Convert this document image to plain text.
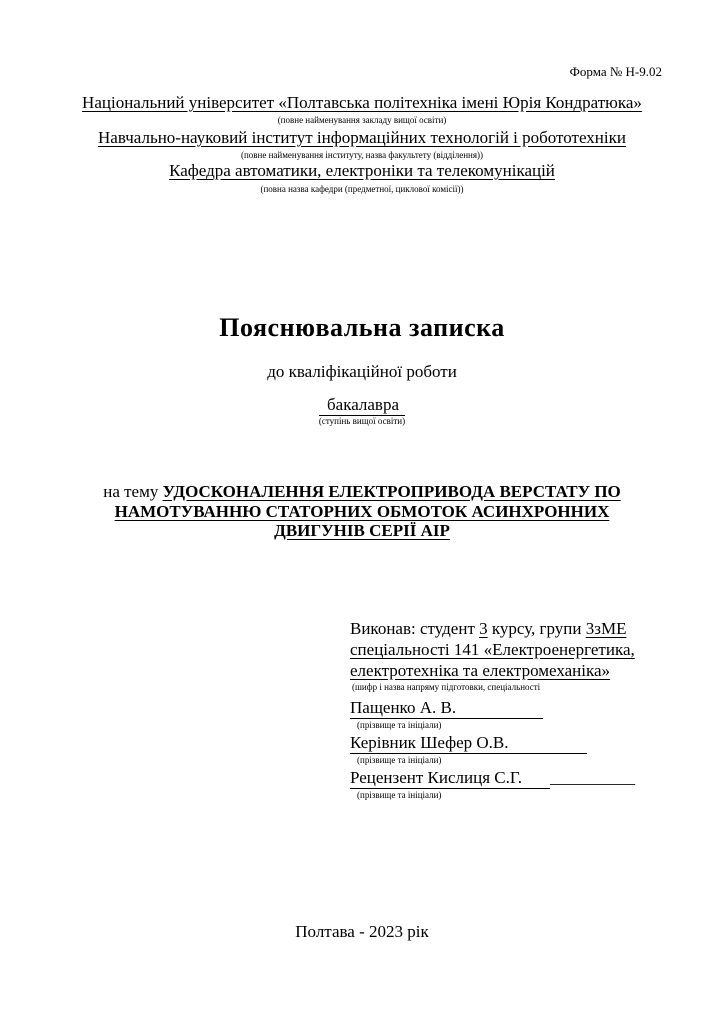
Форма № Н-9.02
Національний університет «Полтавська політехніка імені Юрія Кондратюка»
(повне найменування закладу вищої освіти)
Навчально-науковий інститут інформаційних технологій і робототехніки
(повне найменування інституту, назва факультету (відділення))
Кафедра автоматики, електроніки та телекомунікацій
(повна назва кафедри (предметної, циклової комісії))
Пояснювальна записка
до кваліфікаційної роботи
бакалавра
(ступінь вищої освіти)
на тему УДОСКОНАЛЕННЯ ЕЛЕКТРОПРИВОДА ВЕРСТАТУ ПО НАМОТУВАННЮ СТАТОРНИХ ОБМОТОК АСИНХРОННИХ ДВИГУНІВ СЕРІЇ АІР
Виконав: студент 3 курсу, групи 3зМЕ
спеціальності 141 «Електроенергетика,
електротехніка та електромеханіка»
(шифр і назва напряму підготовки, спеціальності
Пащенко А. В.
(прізвище та ініціали)
Керівник Шефер О.В.
(прізвище та ініціали)
Рецензент Кислиця С.Г. __________
(прізвище та ініціали)
Полтава - 2023 рік
